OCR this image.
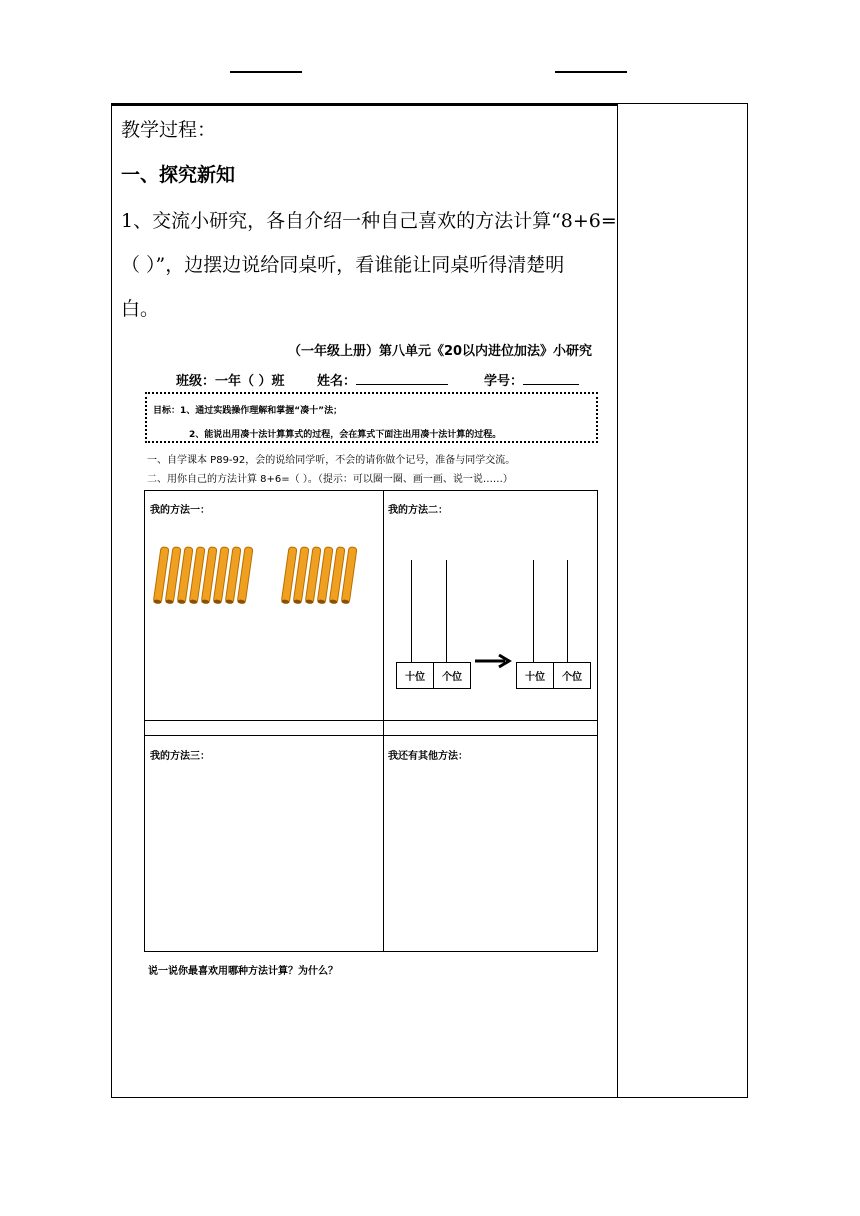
教学过程：
一、探究新知
1、交流小研究，各自介绍一种自己喜欢的方法计算“8+6=
（ ）”，边摆边说给同桌听，看谁能让同桌听得清楚明
白。
（一年级上册）第八单元《20以内进位加法》小研究
班级：一年（ ）班 姓名：	学号：
目标：1、通过实践操作理解和掌握“凑十”法；
2、能说出用凑十法计算算式的过程，会在算式下面注出用凑十法计算的过程。
一、自学课本 P89-92，会的说给同学听，不会的请你做个记号，准备与同学交流。
二、用你自己的方法计算 8+6=（ ）。（提示：可以圈一圈、画一画、说一说……）
我的方法一：	我的方法二：
我的方法三：	我还有其他方法：
十位	个位	十位	个位
说一说你最喜欢用哪种方法计算？为什么？
